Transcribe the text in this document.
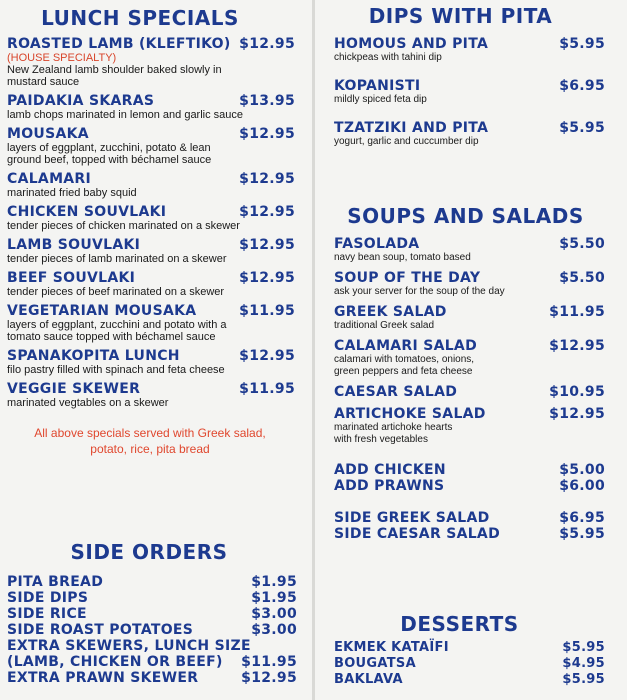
LUNCH SPECIALS
ROASTED LAMB (KLEFTIKO) $12.95
(HOUSE SPECIALTY)
New Zealand lamb shoulder baked slowly in
mustard sauce
PAIDAKIA SKARAS	$13.95
lamb chops marinated in lemon and garlic sauce
MOUSAKA	$12.95
layers of eggplant, zucchini, potato & lean
ground beef, topped with béchamel sauce
CALAMARI	$12.95
marinated fried baby squid
CHICKEN SOUVLAKI	$12.95
tender pieces of chicken marinated on a skewer
LAMB SOUVLAKI	$12.95
tender pieces of lamb marinated on a skewer
BEEF SOUVLAKI	$12.95
tender pieces of beef marinated on a skewer
VEGETARIAN MOUSAKA	$11.95
layers of eggplant, zucchini and potato with a
tomato sauce topped with béchamel sauce
SPANAKOPITA LUNCH	$12.95
filo pastry filled with spinach and feta cheese
VEGGIE SKEWER	$11.95
marinated vegtables on a skewer
All above specials served with Greek salad,
potato, rice, pita bread
SIDE ORDERS
PITA BREAD	$1.95
SIDE DIPS	$1.95
SIDE RICE	$3.00
SIDE ROAST POTATOES	$3.00
EXTRA SKEWERS, LUNCH SIZE
(LAMB, CHICKEN OR BEEF) $11.95
EXTRA PRAWN SKEWER	$12.95
DIPS WITH PITA
HOMOUS AND PITA	$5.95
chickpeas with tahini dip
KOPANISTI	$6.95
mildly spiced feta dip
TZATZIKI AND PITA	$5.95
yogurt, garlic and cuccumber dip
SOUPS AND SALADS
FASOLADA	$5.50
navy bean soup, tomato based
SOUP OF THE DAY	$5.50
ask your server for the soup of the day
GREEK SALAD	$11.95
traditional Greek salad
CALAMARI SALAD	$12.95
calamari with tomatoes, onions,
green peppers and feta cheese
CAESAR SALAD	$10.95
ARTICHOKE SALAD	$12.95
marinated artichoke hearts
with fresh vegetables
ADD CHICKEN	$5.00
ADD PRAWNS	$6.00
SIDE GREEK SALAD	$6.95
SIDE CAESAR SALAD	$5.95
DESSERTS
EKMEK KATAÏFI	$5.95
BOUGATSA	$4.95
BAKLAVA	$5.95
